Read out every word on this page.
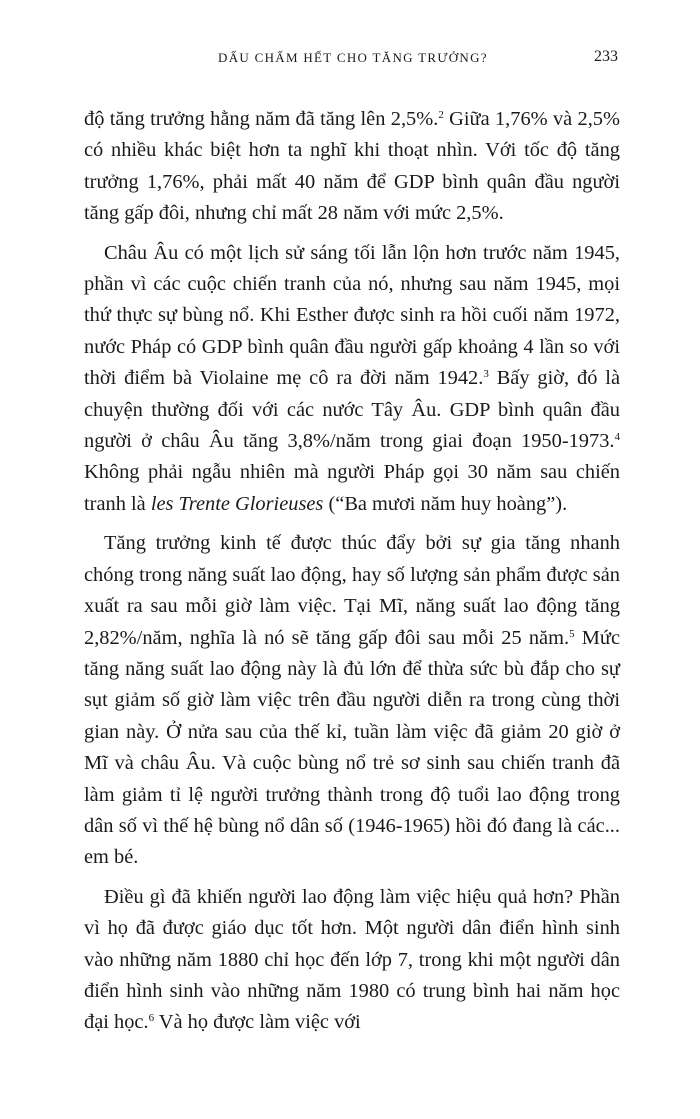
DẤU CHẤM HẾT CHO TĂNG TRƯỞNG?	233

độ tăng trưởng hằng năm đã tăng lên 2,5%.$^2$ Giữa 1,76% và 2,5% có nhiều khác biệt hơn ta nghĩ khi thoạt nhìn. Với tốc độ tăng trưởng 1,76%, phải mất 40 năm để GDP bình quân đầu người tăng gấp đôi, nhưng chỉ mất 28 năm với mức 2,5%.

Châu Âu có một lịch sử sáng tối lẫn lộn hơn trước năm 1945, phần vì các cuộc chiến tranh của nó, nhưng sau năm 1945, mọi thứ thực sự bùng nổ. Khi Esther được sinh ra hồi cuối năm 1972, nước Pháp có GDP bình quân đầu người gấp khoảng 4 lần so với thời điểm bà Violaine mẹ cô ra đời năm 1942.$^3$ Bấy giờ, đó là chuyện thường đối với các nước Tây Âu. GDP bình quân đầu người ở châu Âu tăng 3,8%/năm trong giai đoạn 1950-1973.$^4$ Không phải ngẫu nhiên mà người Pháp gọi 30 năm sau chiến tranh là les Trente Glorieuses (“Ba mươi năm huy hoàng”).

Tăng trưởng kinh tế được thúc đẩy bởi sự gia tăng nhanh chóng trong năng suất lao động, hay số lượng sản phẩm được sản xuất ra sau mỗi giờ làm việc. Tại Mĩ, năng suất lao động tăng 2,82%/năm, nghĩa là nó sẽ tăng gấp đôi sau mỗi 25 năm.$^5$ Mức tăng năng suất lao động này là đủ lớn để thừa sức bù đắp cho sự sụt giảm số giờ làm việc trên đầu người diễn ra trong cùng thời gian này. Ở nửa sau của thế kỉ, tuần làm việc đã giảm 20 giờ ở Mĩ và châu Âu. Và cuộc bùng nổ trẻ sơ sinh sau chiến tranh đã làm giảm tỉ lệ người trưởng thành trong độ tuổi lao động trong dân số vì thế hệ bùng nổ dân số (1946-1965) hồi đó đang là các... em bé.

Điều gì đã khiến người lao động làm việc hiệu quả hơn? Phần vì họ đã được giáo dục tốt hơn. Một người dân điển hình sinh vào những năm 1880 chỉ học đến lớp 7, trong khi một người dân điển hình sinh vào những năm 1980 có trung bình hai năm học đại học.$^6$ Và họ được làm việc với
